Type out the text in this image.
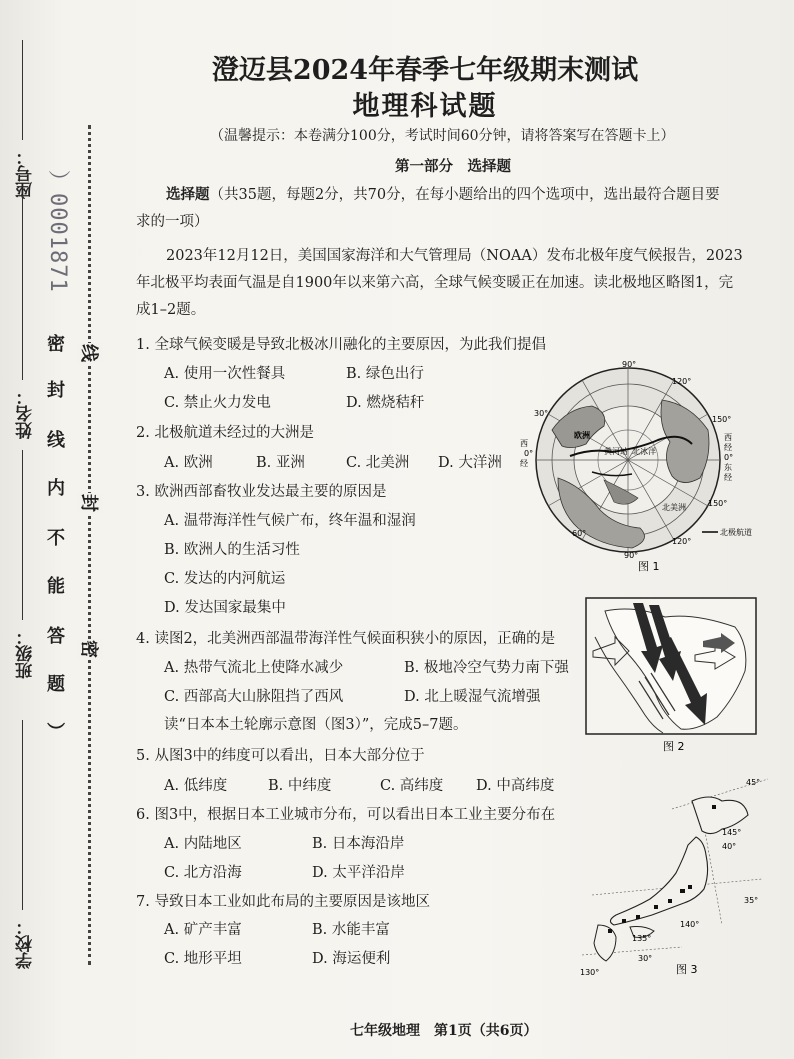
座号：
姓名：
班级：
学校：
）0001871
密
封
线
内
不
能
答
题
）
线
封
密
澄迈县2024年春季七年级期末测试
地理科试题
（温馨提示：本卷满分100分，考试时间60分钟，请将答案写在答题卡上）
第一部分　选择题
选择题（共35题，每题2分，共70分，在每小题给出的四个选项中，选出最符合题目要
求的一项）
2023年12月12日，美国国家海洋和大气管理局（NOAA）发布北极年度气候报告，2023
年北极平均表面气温是自1900年以来第六高，全球气候变暖正在加速。读北极地区略图1，完
成1–2题。
1. 全球气候变暖是导致北极冰川融化的主要原因，为此我们提倡
A. 使用一次性餐具	B. 绿色出行
C. 禁止火力发电	D. 燃烧秸秆
2. 北极航道未经过的大洲是
A. 欧洲	B. 亚洲	C. 北美洲 D. 大洋洲
3. 欧洲西部畜牧业发达最主要的原因是
A. 温带海洋性气候广布，终年温和湿润
B. 欧洲人的生活习性
C. 发达的内河航运
D. 发达国家最集中
4. 读图2，北美洲西部温带海洋性气候面积狭小的原因，正确的是
A. 热带气流北上使降水减少	B. 极地冷空气势力南下强
C. 西部高大山脉阻挡了西风	D. 北上暖湿气流增强
读“日本本土轮廓示意图（图3）”，完成5–7题。
5. 从图3中的纬度可以看出，日本大部分位于
A. 低纬度	B. 中纬度	C. 高纬度 D. 中高纬度
6. 图3中，根据日本工业城市分布，可以看出日本工业主要分布在
A. 内陆地区	B. 日本海沿岸
C. 北方沿海	D. 太平洋沿岸
7. 导致日本工业如此布局的主要原因是该地区
A. 矿产丰富	B. 水能丰富
C. 地形平坦	D. 海运便利
90°
120°
150°
30°
60°
90°
120°
150°
西
0°
经
西
经
0°
东
经
欧洲
黄河站 北冰洋
北美洲
北极航道
图 1
图 2
45°
145°
40°
35°
140°
135°
30°
130°	图 3
七年级地理　第1页（共6页）
